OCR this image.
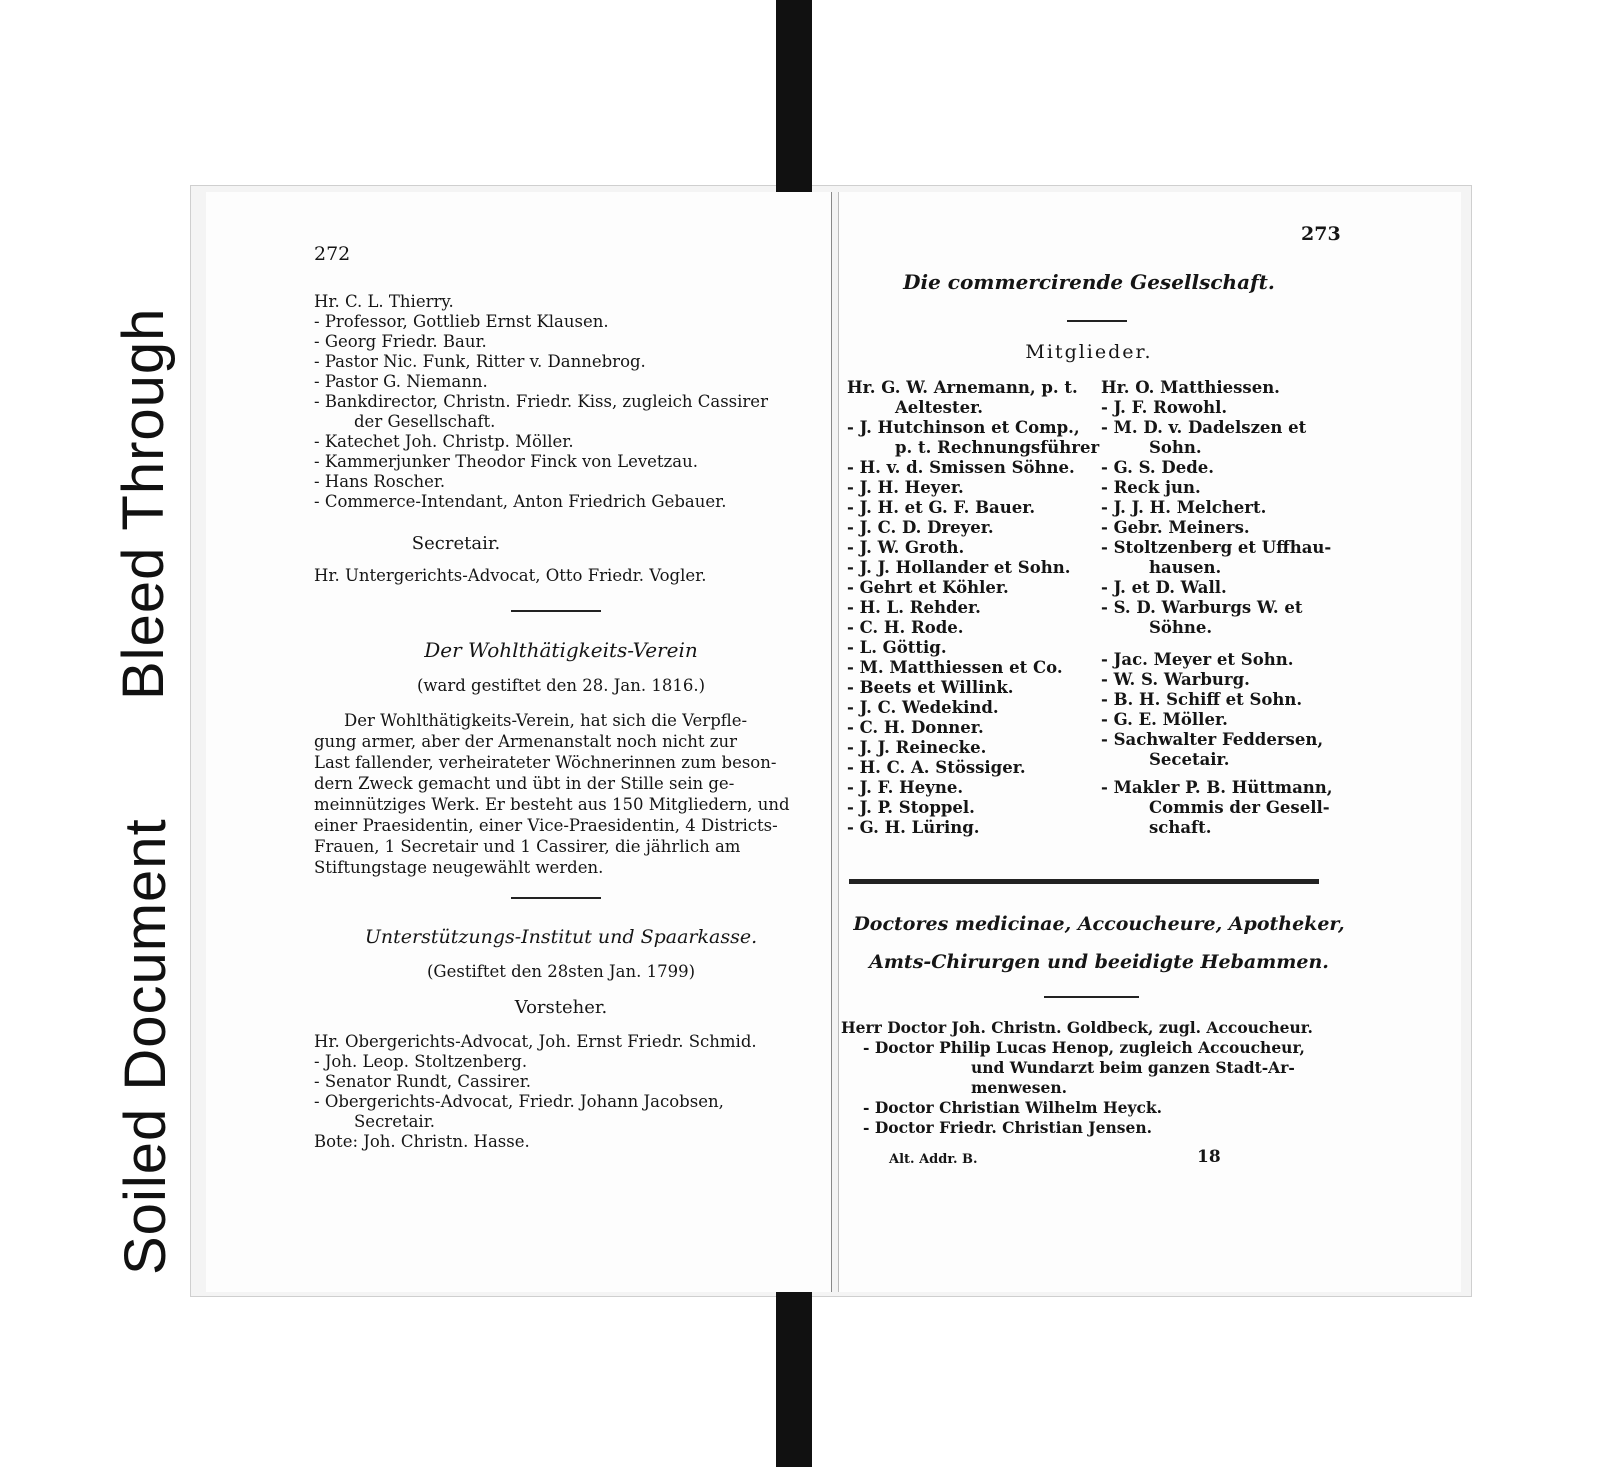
Soiled Document
Bleed Through
272
Hr. C. L. Thierry.
- Professor, Gottlieb Ernst Klausen.
- Georg Friedr. Baur.
- Pastor Nic. Funk, Ritter v. Dannebrog.
- Pastor G. Niemann.
- Bankdirector, Christn. Friedr. Kiss, zugleich Cassirer
der Gesellschaft.
- Katechet Joh. Christp. Möller.
- Kammerjunker Theodor Finck von Levetzau.
- Hans Roscher.
- Commerce-Intendant, Anton Friedrich Gebauer.
Secretair.
Hr. Untergerichts-Advocat, Otto Friedr. Vogler.
Der Wohlthätigkeits-Verein
(ward gestiftet den 28. Jan. 1816.)
Der Wohlthätigkeits-Verein, hat sich die Verpfle-
gung armer, aber der Armenanstalt noch nicht zur
Last fallender, verheirateter Wöchnerinnen zum beson-
dern Zweck gemacht und übt in der Stille sein ge-
meinnütziges Werk. Er besteht aus 150 Mitgliedern, und
einer Praesidentin, einer Vice-Praesidentin, 4 Districts-
Frauen, 1 Secretair und 1 Cassirer, die jährlich am
Stiftungstage neugewählt werden.
Unterstützungs-Institut und Spaarkasse.
(Gestiftet den 28sten Jan. 1799)
Vorsteher.
Hr. Obergerichts-Advocat, Joh. Ernst Friedr. Schmid.
- Joh. Leop. Stoltzenberg.
- Senator Rundt, Cassirer.
- Obergerichts-Advocat, Friedr. Johann Jacobsen,
Secretair.
Bote: Joh. Christn. Hasse.
273
Die commercirende Gesellschaft.
Mitglieder.
Hr. G. W. Arnemann, p. t.
Aeltester.
- J. Hutchinson et Comp.,
p. t. Rechnungsführer
- H. v. d. Smissen Söhne.
- J. H. Heyer.
- J. H. et G. F. Bauer.
- J. C. D. Dreyer.
- J. W. Groth.
- J. J. Hollander et Sohn.
- Gehrt et Köhler.
- H. L. Rehder.
- C. H. Rode.
- L. Göttig.
- M. Matthiessen et Co.
- Beets et Willink.
- J. C. Wedekind.
- C. H. Donner.
- J. J. Reinecke.
- H. C. A. Stössiger.
- J. F. Heyne.
- J. P. Stoppel.
- G. H. Lüring.
Hr. O. Matthiessen.
- J. F. Rowohl.
- M. D. v. Dadelszen et
Sohn.
- G. S. Dede.
- Reck jun.
- J. J. H. Melchert.
- Gebr. Meiners.
- Stoltzenberg et Uffhau-
hausen.
- J. et D. Wall.
- S. D. Warburgs W. et
Söhne.
- Jac. Meyer et Sohn.
- W. S. Warburg.
- B. H. Schiff et Sohn.
- G. E. Möller.
- Sachwalter Feddersen,
Secetair.
- Makler P. B. Hüttmann,
Commis der Gesell-
schaft.
Doctores medicinae, Accoucheure, Apotheker,
Amts-Chirurgen und beeidigte Hebammen.
Herr Doctor Joh. Christn. Goldbeck, zugl. Accoucheur.
- Doctor Philip Lucas Henop, zugleich Accoucheur,
und Wundarzt beim ganzen Stadt-Ar-
menwesen.
- Doctor Christian Wilhelm Heyck.
- Doctor Friedr. Christian Jensen.
Alt. Addr. B.	18
